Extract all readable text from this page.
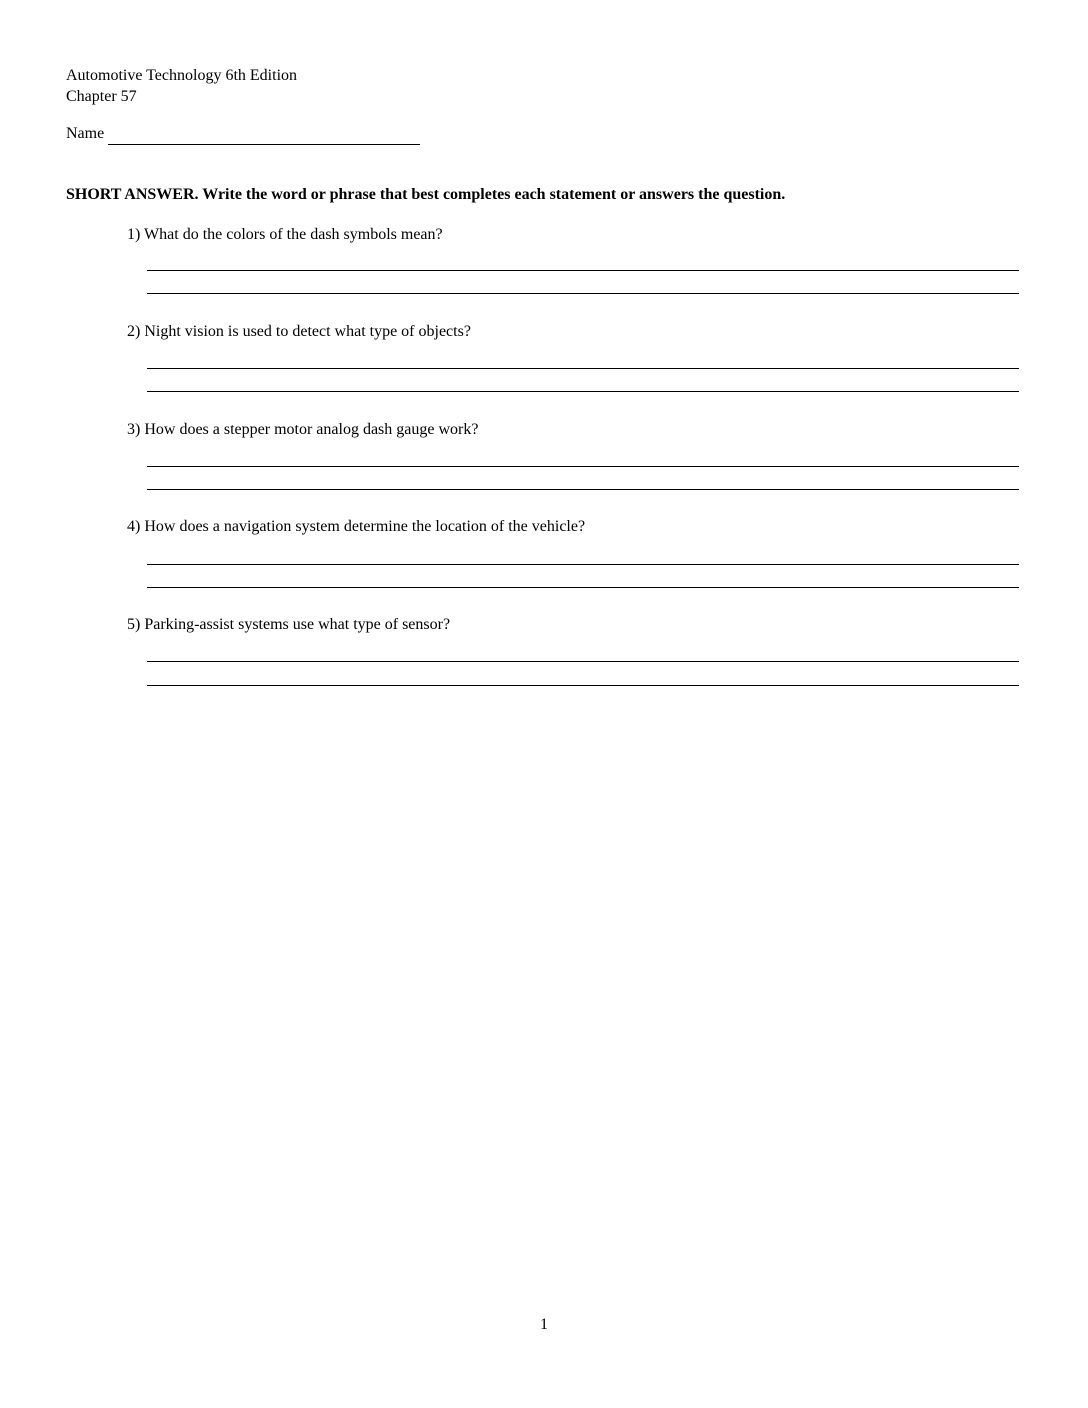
Automotive Technology 6th Edition
Chapter 57
Name
SHORT ANSWER. Write the word or phrase that best completes each statement or answers the question.
1) What do the colors of the dash symbols mean?
2) Night vision is used to detect what type of objects?
3) How does a stepper motor analog dash gauge work?
4) How does a navigation system determine the location of the vehicle?
5) Parking-assist systems use what type of sensor?
1
